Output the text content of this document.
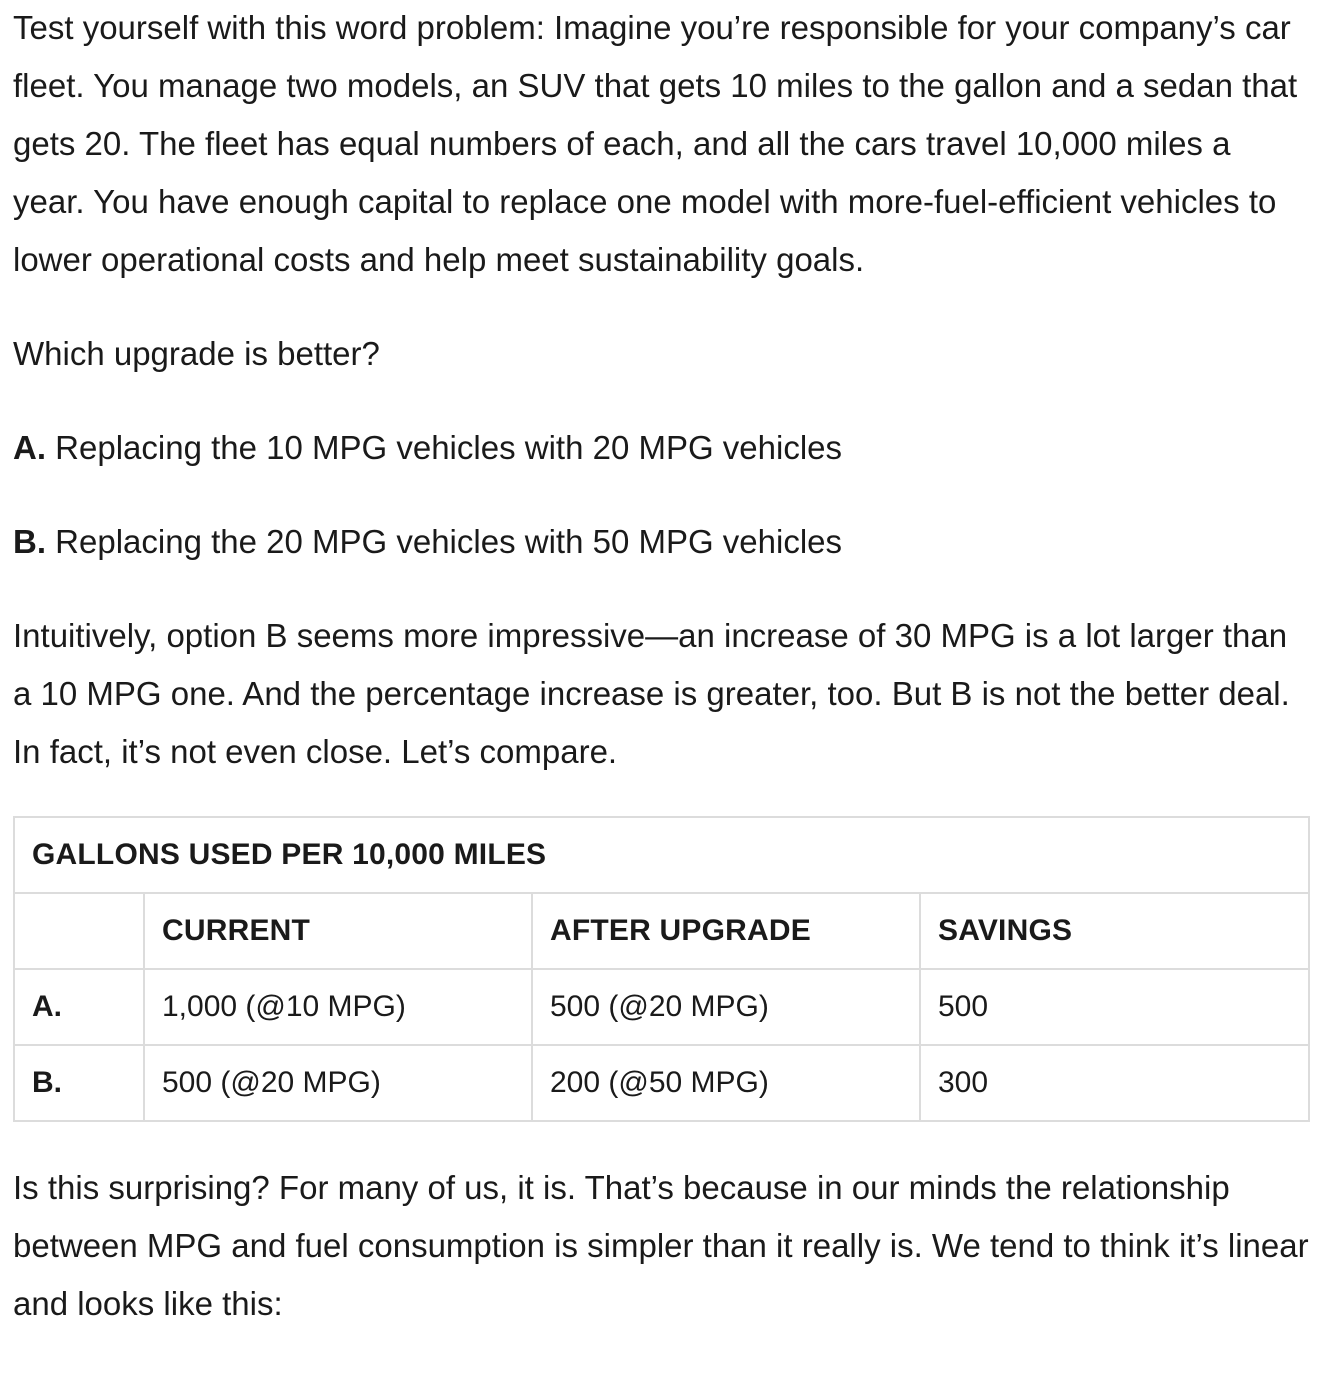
Test yourself with this word problem: Imagine you’re responsible for your company’s car fleet. You manage two models, an SUV that gets 10 miles to the gallon and a sedan that gets 20. The fleet has equal numbers of each, and all the cars travel 10,000 miles a year. You have enough capital to replace one model with more-fuel-efficient vehicles to lower operational costs and help meet sustainability goals.

Which upgrade is better?

A. Replacing the 10 MPG vehicles with 20 MPG vehicles

B. Replacing the 20 MPG vehicles with 50 MPG vehicles

Intuitively, option B seems more impressive—an increase of 30 MPG is a lot larger than a 10 MPG one. And the percentage increase is greater, too. But B is not the better deal. In fact, it’s not even close. Let’s compare.

GALLONS USED PER 10,000 MILES			
	CURRENT	AFTER UPGRADE	SAVINGS
A.	1,000 (@10 MPG)	500 (@20 MPG)	500
B.	500 (@20 MPG)	200 (@50 MPG)	300

Is this surprising? For many of us, it is. That’s because in our minds the relationship between MPG and fuel consumption is simpler than it really is. We tend to think it’s linear and looks like this:
